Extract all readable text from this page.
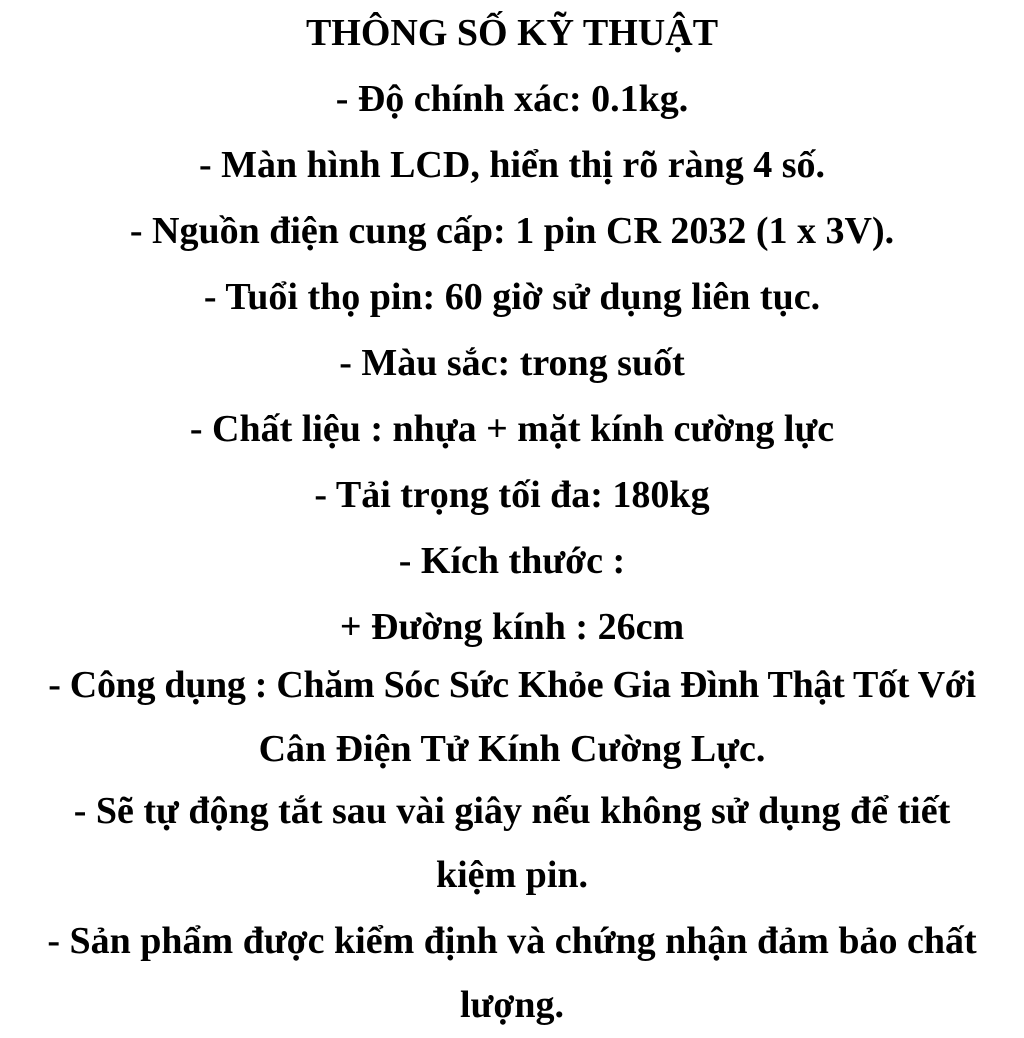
THÔNG SỐ KỸ THUẬT

- Độ chính xác: 0.1kg.

- Màn hình LCD, hiển thị rõ ràng 4 số.

- Nguồn điện cung cấp: 1 pin CR 2032 (1 x 3V).

- Tuổi thọ pin: 60 giờ sử dụng liên tục.

- Màu sắc: trong suốt

- Chất liệu : nhựa + mặt kính cường lực

- Tải trọng tối đa: 180kg

- Kích thước :

+ Đường kính : 26cm

- Công dụng : Chăm Sóc Sức Khỏe Gia Đình Thật Tốt Với

Cân Điện Tử Kính Cường Lực.

- Sẽ tự động tắt sau vài giây nếu không sử dụng để tiết

kiệm pin.

- Sản phẩm được kiểm định và chứng nhận đảm bảo chất

lượng.
